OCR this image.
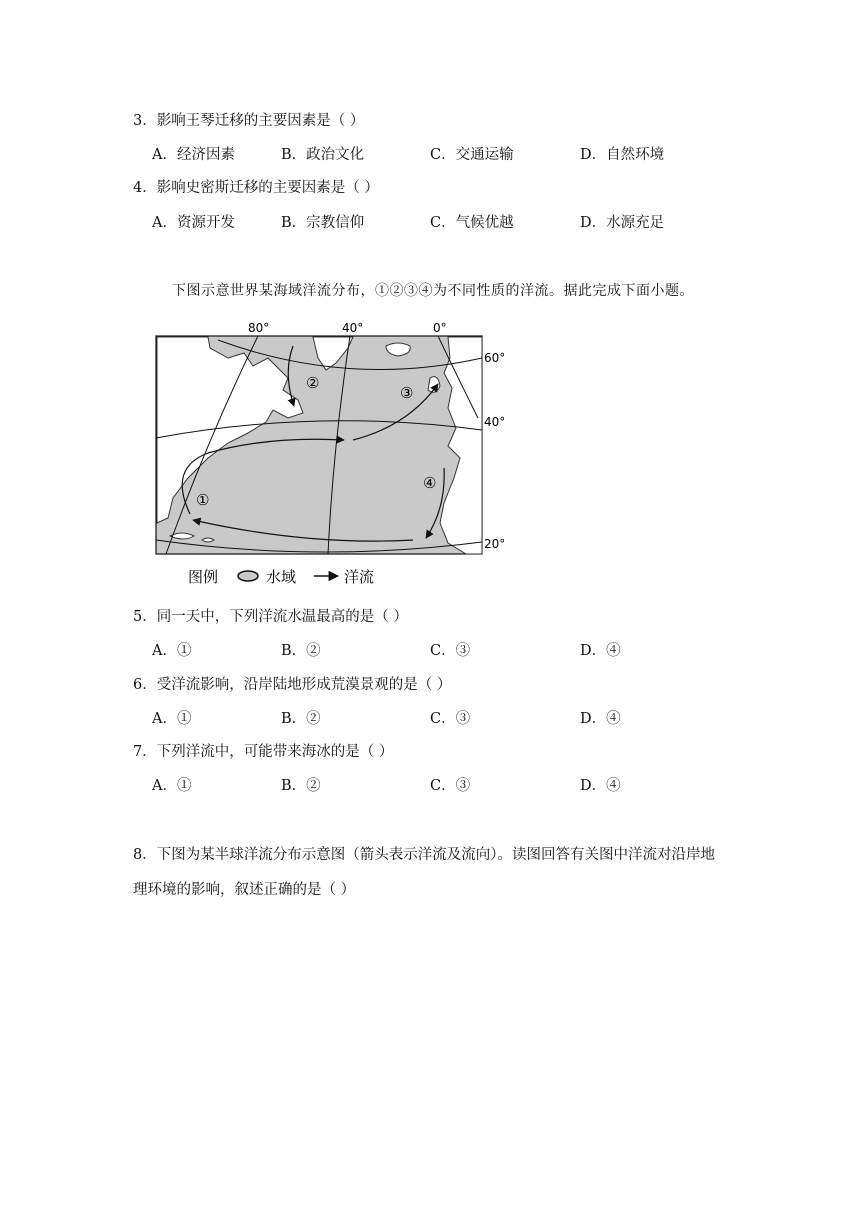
3．影响王琴迁移的主要因素是（ ）
A．经济因素	B．政治文化	C．交通运输	D．自然环境
4．影响史密斯迁移的主要因素是（ ）
A．资源开发	B．宗教信仰	C．气候优越	D．水源充足
下图示意世界某海域洋流分布，①②③④为不同性质的洋流。据此完成下面小题。
①
②
③
④
80°	40°	0°
60°
40°
20°
图例	水域	洋流
5．同一天中，下列洋流水温最高的是（ ）
A．①	B．②	C．③	D．④
6．受洋流影响，沿岸陆地形成荒漠景观的是（ ）
A．①	B．②	C．③	D．④
7．下列洋流中，可能带来海冰的是（ ）
A．①	B．②	C．③	D．④
8．下图为某半球洋流分布示意图（箭头表示洋流及流向）。读图回答有关图中洋流对沿岸地
理环境的影响，叙述正确的是（ ）
